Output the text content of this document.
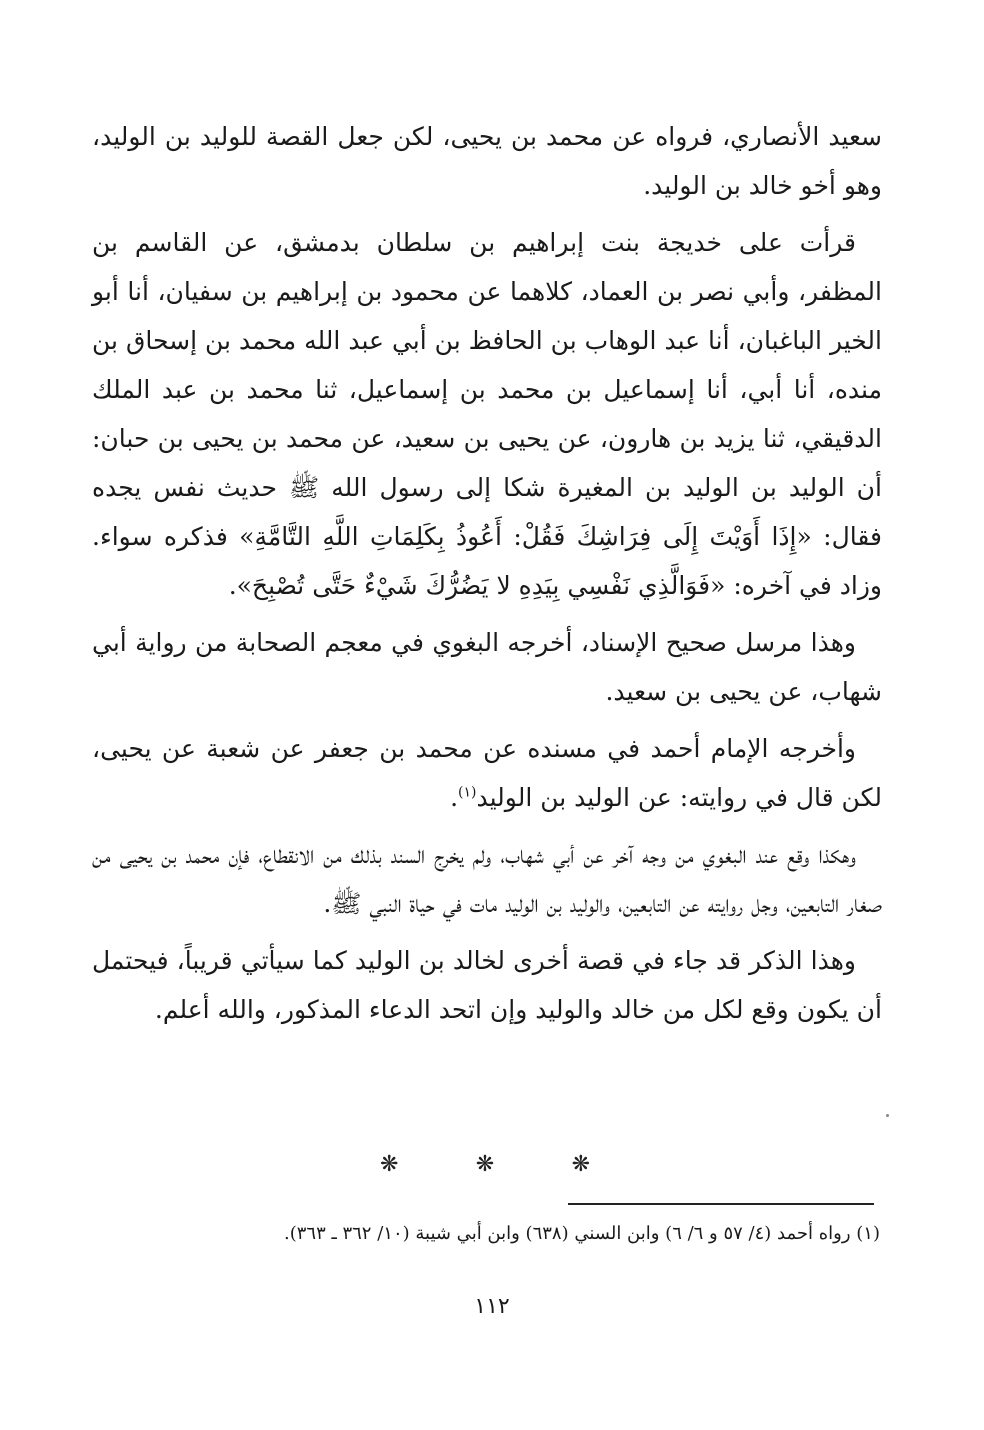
سعيد الأنصاري، فرواه عن محمد بن يحيى، لكن جعل القصة للوليد بن الوليد، وهو أخو خالد بن الوليد.

قرأت على خديجة بنت إبراهيم بن سلطان بدمشق، عن القاسم بن المظفر، وأبي نصر بن العماد، كلاهما عن محمود بن إبراهيم بن سفيان، أنا أبو الخير الباغبان، أنا عبد الوهاب بن الحافظ بن أبي عبد الله محمد بن إسحاق بن منده، أنا أبي، أنا إسماعيل بن محمد بن إسماعيل، ثنا محمد بن عبد الملك الدقيقي، ثنا يزيد بن هارون، عن يحيى بن سعيد، عن محمد بن يحيى بن حبان: أن الوليد بن الوليد بن المغيرة شكا إلى رسول الله ﷺ حديث نفس يجده فقال: «إِذَا أَوَيْتَ إِلَى فِرَاشِكَ فَقُلْ: أَعُوذُ بِكَلِمَاتِ اللَّهِ التَّامَّةِ» فذكره سواء. وزاد في آخره: «فَوَالَّذِي نَفْسِي بِيَدِهِ لا يَضُرُّكَ شَيْءٌ حَتَّى تُصْبِحَ».

وهذا مرسل صحيح الإسناد، أخرجه البغوي في معجم الصحابة من رواية أبي شهاب، عن يحيى بن سعيد.

وأخرجه الإمام أحمد في مسنده عن محمد بن جعفر عن شعبة عن يحيى، لكن قال في روايته: عن الوليد بن الوليد$^{(١)}$.

وهكذا وقع عند البغوي من وجه آخر عن أبي شهاب، ولم يخرج السند بذلك من الانقطاع، فإن محمد بن يحيى من صغار التابعين، وجل روايته عن التابعين، والوليد بن الوليد مات في حياة النبي ﷺ.

وهذا الذكر قد جاء في قصة أخرى لخالد بن الوليد كما سيأتي قريباً، فيحتمل أن يكون وقع لكل من خالد والوليد وإن اتحد الدعاء المذكور، والله أعلم.

❋
❋
❋
(١) رواه أحمد (٤/ ٥٧ و ٦/ ٦) وابن السني (٦٣٨) وابن أبي شيبة (١٠/ ٣٦٢ ـ ٣٦٣).
١١٢
